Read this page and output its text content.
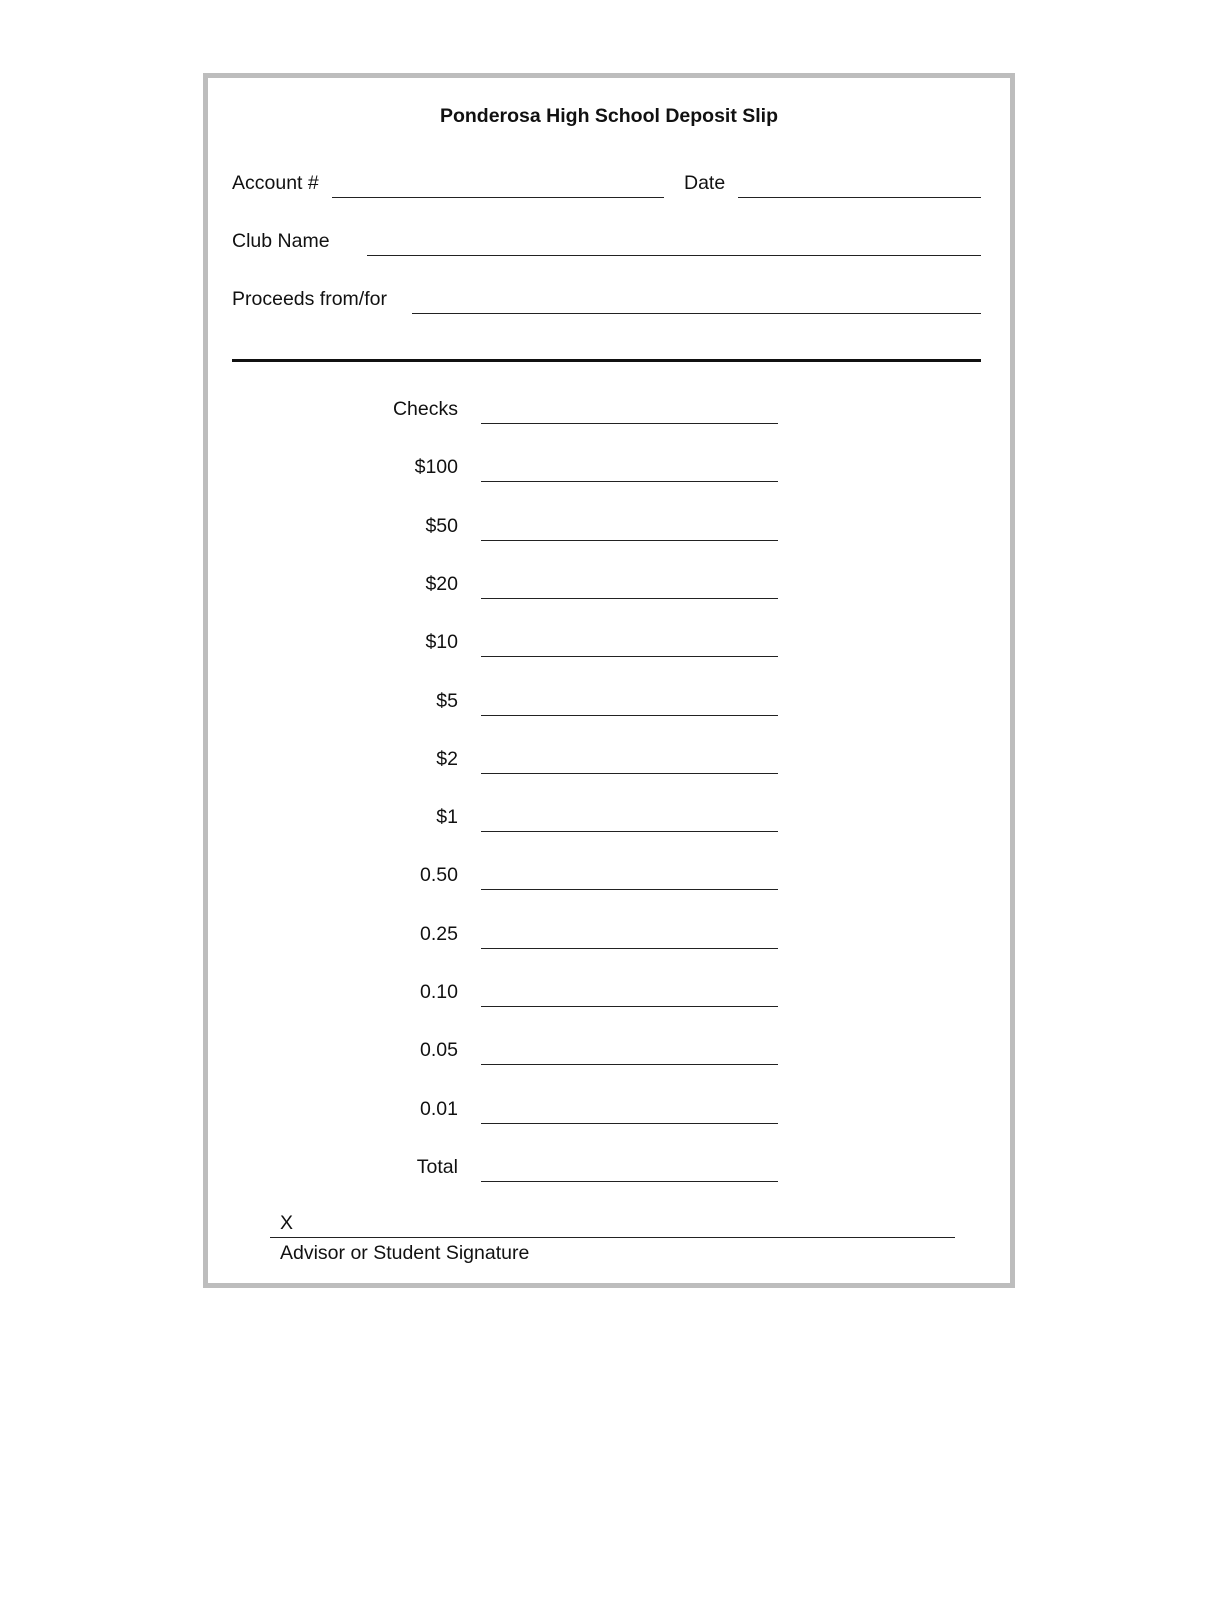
Ponderosa High School Deposit Slip
Account #	Date
Club Name
Proceeds from/for
Checks
$100
$50
$20
$10
$5
$2
$1
0.50
0.25
0.10
0.05
0.01
Total
X
Advisor or Student Signature
